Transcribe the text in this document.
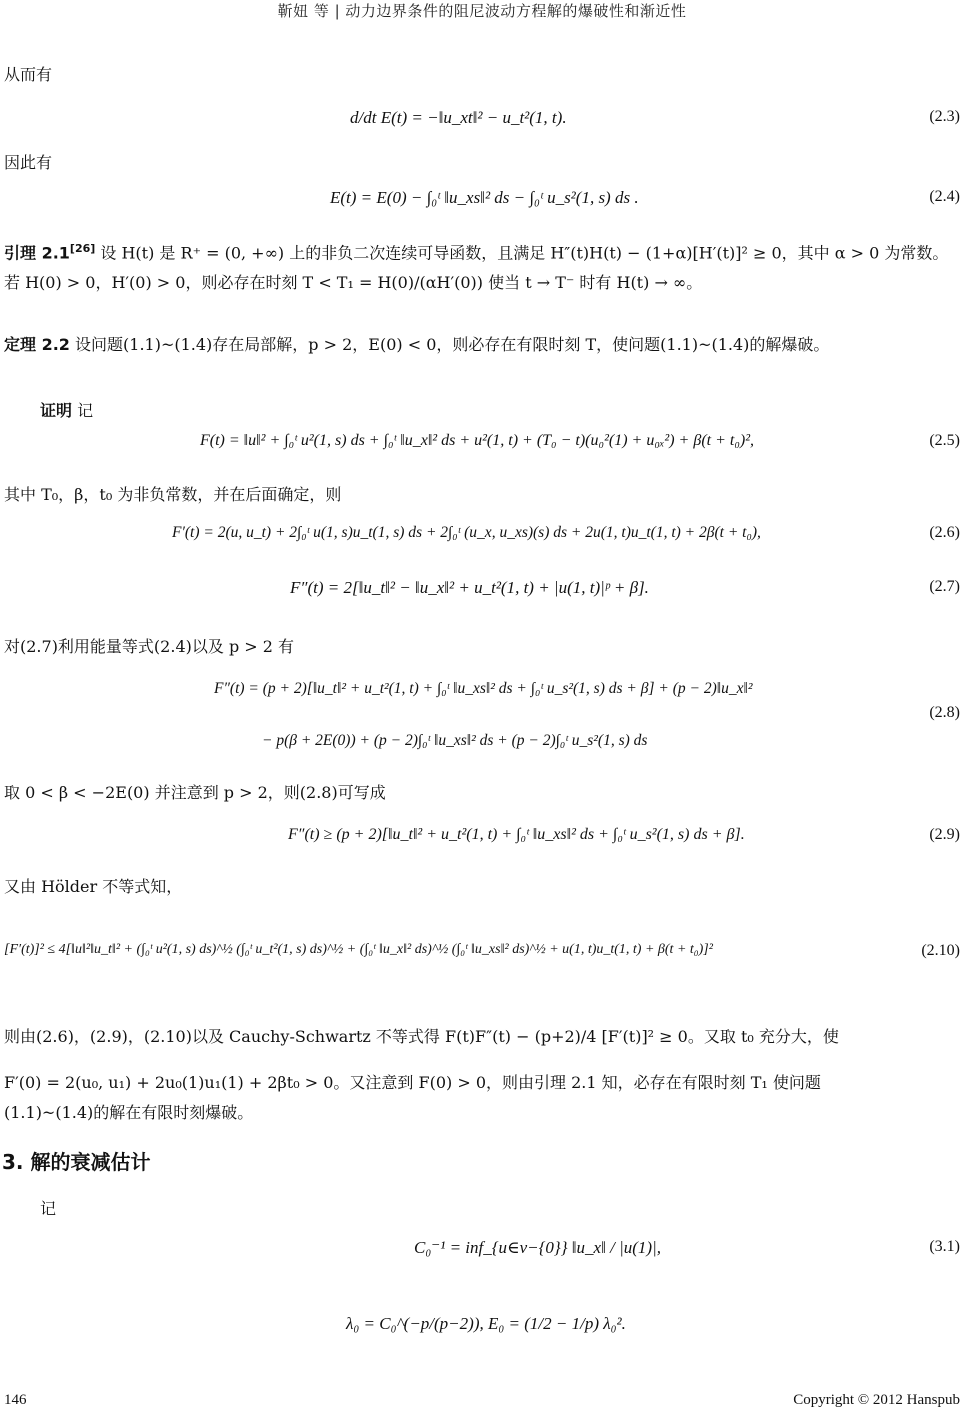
靳妞 等 | 动力边界条件的阻尼波动方程解的爆破性和渐近性
从而有
d/dt E(t) = −‖u_xt‖² − u_t²(1, t).	(2.3)
因此有
E(t) = E(0) − ∫₀ᵗ ‖u_xs‖² ds − ∫₀ᵗ u_s²(1, s) ds .	(2.4)
引理 2.1[26] 设 H(t) 是 R⁺ = (0, +∞) 上的非负二次连续可导函数，且满足 H″(t)H(t) − (1+α)[H′(t)]² ≥ 0，其中 α > 0 为常数。若 H(0) > 0，H′(0) > 0，则必存在时刻 T < T₁ = H(0)/(αH′(0)) 使当 t → T⁻ 时有 H(t) → ∞。
定理 2.2 设问题(1.1)~(1.4)存在局部解，p > 2，E(0) < 0，则必存在有限时刻 T，使问题(1.1)~(1.4)的解爆破。
证明 记
F(t) = ‖u‖² + ∫₀ᵗ u²(1, s) ds + ∫₀ᵗ ‖u_x‖² ds + u²(1, t) + (T₀ − t)(u₀²(1) + u₀ₓ²) + β(t + t₀)²,	(2.5)
其中 T₀，β，t₀ 为非负常数，并在后面确定，则
F′(t) = 2(u, u_t) + 2∫₀ᵗ u(1, s)u_t(1, s) ds + 2∫₀ᵗ (u_x, u_xs)(s) ds + 2u(1, t)u_t(1, t) + 2β(t + t₀),	(2.6)
F″(t) = 2[‖u_t‖² − ‖u_x‖² + u_t²(1, t) + |u(1, t)|ᵖ + β].	(2.7)
对(2.7)利用能量等式(2.4)以及 p > 2 有
F″(t) = (p + 2)[‖u_t‖² + u_t²(1, t) + ∫₀ᵗ ‖u_xs‖² ds + ∫₀ᵗ u_s²(1, s) ds + β] + (p − 2)‖u_x‖²
− p(β + 2E(0)) + (p − 2)∫₀ᵗ ‖u_xs‖² ds + (p − 2)∫₀ᵗ u_s²(1, s) ds
(2.8)
取 0 < β < −2E(0) 并注意到 p > 2，则(2.8)可写成
F″(t) ≥ (p + 2)[‖u_t‖² + u_t²(1, t) + ∫₀ᵗ ‖u_xs‖² ds + ∫₀ᵗ u_s²(1, s) ds + β].	(2.9)
又由 Hölder 不等式知，
[F′(t)]² ≤ 4[‖u‖²‖u_t‖² + (∫₀ᵗ u²(1, s) ds)^½ (∫₀ᵗ u_t²(1, s) ds)^½ + (∫₀ᵗ ‖u_x‖² ds)^½ (∫₀ᵗ ‖u_xs‖² ds)^½ + u(1, t)u_t(1, t) + β(t + t₀)]²	(2.10)
则由(2.6)，(2.9)，(2.10)以及 Cauchy-Schwartz 不等式得 F(t)F″(t) − (p+2)/4 [F′(t)]² ≥ 0。又取 t₀ 充分大，使
F′(0) = 2(u₀, u₁) + 2u₀(1)u₁(1) + 2βt₀ > 0。又注意到 F(0) > 0，则由引理 2.1 知，必存在有限时刻 T₁ 使问题
(1.1)~(1.4)的解在有限时刻爆破。
3. 解的衰减估计
记
C₀⁻¹ = inf_{u∈v−{0}} ‖u_x‖ / |u(1)|,	(3.1)
λ₀ = C₀^(−p/(p−2)), E₀ = (1/2 − 1/p) λ₀².
146	Copyright © 2012 Hanspub
